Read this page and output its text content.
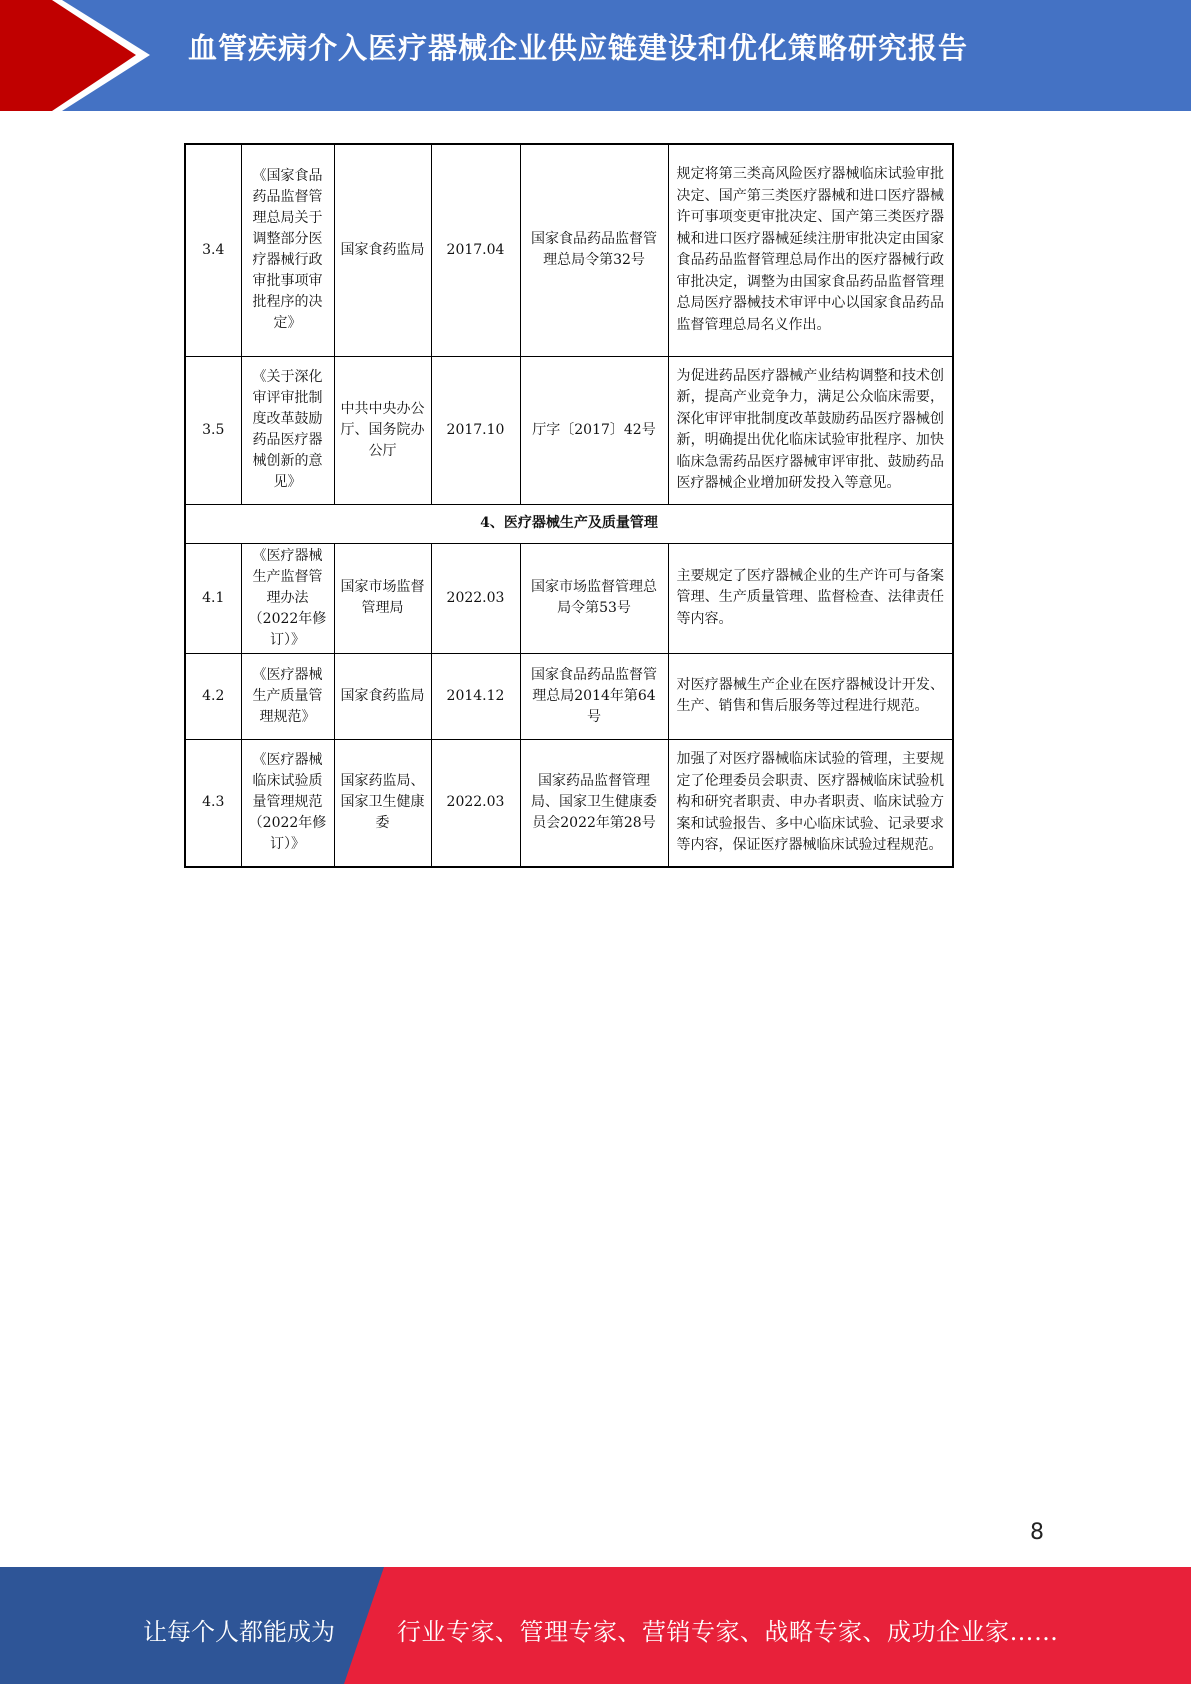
血管疾病介入医疗器械企业供应链建设和优化策略研究报告
3.4	《国家食品药品监督管理总局关于调整部分医疗器械行政审批事项审批程序的决定》	国家食药监局	2017.04	国家食品药品监督管理总局令第32号	规定将第三类高风险医疗器械临床试验审批决定、国产第三类医疗器械和进口医疗器械许可事项变更审批决定、国产第三类医疗器械和进口医疗器械延续注册审批决定由国家食品药品监督管理总局作出的医疗器械行政审批决定，调整为由国家食品药品监督管理总局医疗器械技术审评中心以国家食品药品监督管理总局名义作出。
3.5	《关于深化审评审批制度改革鼓励药品医疗器械创新的意见》	中共中央办公厅、国务院办公厅	2017.10	厅字〔2017〕42号	为促进药品医疗器械产业结构调整和技术创新，提高产业竞争力，满足公众临床需要，深化审评审批制度改革鼓励药品医疗器械创新，明确提出优化临床试验审批程序、加快临床急需药品医疗器械审评审批、鼓励药品医疗器械企业增加研发投入等意见。
4、医疗器械生产及质量管理					
4.1	《医疗器械生产监督管理办法（2022年修订）》	国家市场监督管理局	2022.03	国家市场监督管理总局令第53号	主要规定了医疗器械企业的生产许可与备案管理、生产质量管理、监督检查、法律责任等内容。
4.2	《医疗器械生产质量管理规范》	国家食药监局	2014.12	国家食品药品监督管理总局2014年第64号	对医疗器械生产企业在医疗器械设计开发、生产、销售和售后服务等过程进行规范。
4.3	《医疗器械临床试验质量管理规范（2022年修订）》	国家药监局、国家卫生健康委	2022.03	国家药品监督管理局、国家卫生健康委员会2022年第28号	加强了对医疗器械临床试验的管理，主要规定了伦理委员会职责、医疗器械临床试验机构和研究者职责、申办者职责、临床试验方案和试验报告、多中心临床试验、记录要求等内容，保证医疗器械临床试验过程规范。
8
让每个人都能成为	行业专家、管理专家、营销专家、战略专家、成功企业家……
